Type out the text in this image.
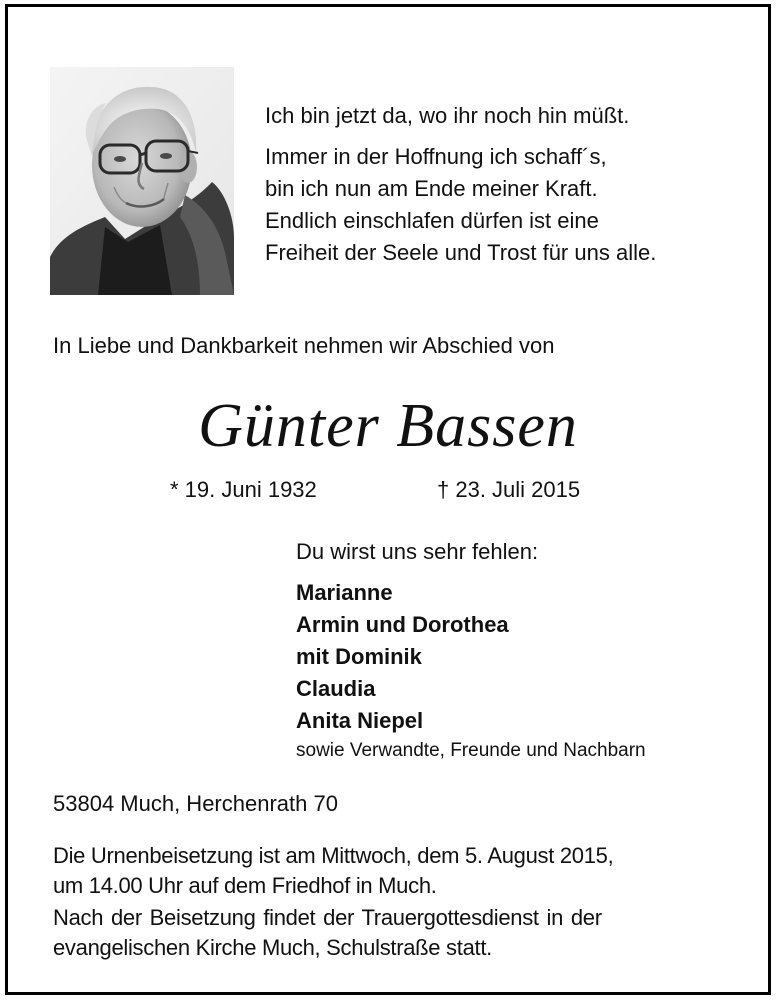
Ich bin jetzt da, wo ihr noch hin müßt.

Immer in der Hoffnung ich schaff´s,

bin ich nun am Ende meiner Kraft.

Endlich einschlafen dürfen ist eine

Freiheit der Seele und Trost für uns alle.

In Liebe und Dankbarkeit nehmen wir Abschied von
Günter Bassen
* 19. Juni 1932	† 23. Juli 2015

Du wirst uns sehr fehlen:

Marianne

Armin und Dorothea

mit Dominik

Claudia

Anita Niepel

sowie Verwandte, Freunde und Nachbarn

53804 Much, Herchenrath 70

Die Urnenbeisetzung ist am Mittwoch, dem 5. August 2015,

um 14.00 Uhr auf dem Friedhof in Much.

Nach der Beisetzung findet der Trauergottesdienst in der

evangelischen Kirche Much, Schulstraße statt.
